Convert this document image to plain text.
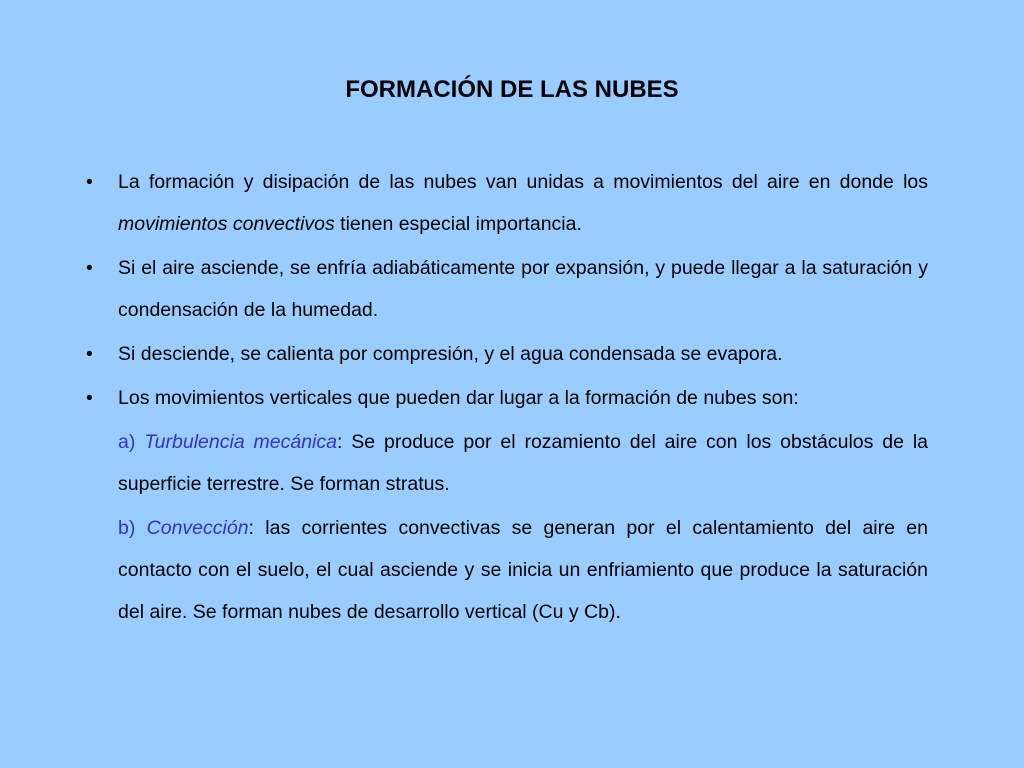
FORMACIÓN DE LAS NUBES
• La formación y disipación de las nubes van unidas a movimientos del aire en donde los movimientos convectivos tienen especial importancia.
• Si el aire asciende, se enfría adiabáticamente por expansión, y puede llegar a la saturación y condensación de la humedad.
• Si desciende, se calienta por compresión, y el agua condensada se evapora.
• Los movimientos verticales que pueden dar lugar a la formación de nubes son:
a) Turbulencia mecánica: Se produce por el rozamiento del aire con los obstáculos de la superficie terrestre. Se forman stratus.
b) Convección: las corrientes convectivas se generan por el calentamiento del aire en contacto con el suelo, el cual asciende y se inicia un enfriamiento que produce la saturación del aire. Se forman nubes de desarrollo vertical (Cu y Cb).
